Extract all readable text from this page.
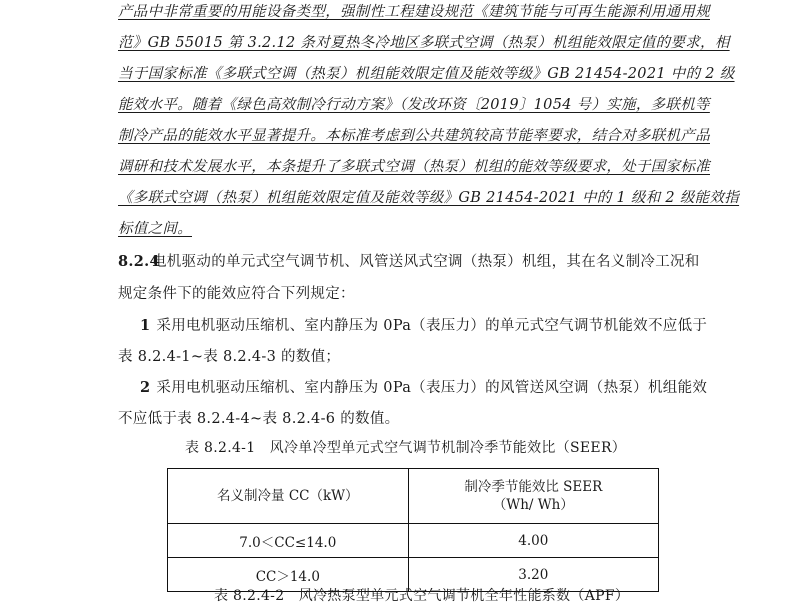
产品中非常重要的用能设备类型，强制性工程建设规范《建筑节能与可再生能源利用通用规
范》GB 55015 第 3.2.12 条对夏热冬冷地区多联式空调（热泵）机组能效限定值的要求，相
当于国家标准《多联式空调（热泵）机组能效限定值及能效等级》GB 21454-2021 中的 2 级
能效水平。随着《绿色高效制冷行动方案》（发改环资〔2019〕1054 号）实施，多联机等
制冷产品的能效水平显著提升。本标准考虑到公共建筑较高节能率要求，结合对多联机产品
调研和技术发展水平，本条提升了多联式空调（热泵）机组的能效等级要求，处于国家标准
《多联式空调（热泵）机组能效限定值及能效等级》GB 21454-2021 中的 1 级和 2 级能效指
标值之间。
8.2.4电机驱动的单元式空气调节机、风管送风式空调（热泵）机组，其在名义制冷工况和
规定条件下的能效应符合下列规定：
1 采用电机驱动压缩机、室内静压为 0Pa（表压力）的单元式空气调节机能效不应低于
表 8.2.4-1~表 8.2.4-3 的数值；
2 采用电机驱动压缩机、室内静压为 0Pa（表压力）的风管送风空调（热泵）机组能效
不应低于表 8.2.4-4~表 8.2.4-6 的数值。
表 8.2.4-1　风冷单冷型单元式空气调节机制冷季节能效比（SEER）
名义制冷量 CC（kW）	制冷季节能效比 SEER
（Wh/ Wh）

7.0＜CC≤14.0	4.00
CC＞14.0	3.20
表 8.2.4-2　风冷热泵型单元式空气调节机全年性能系数（APF）
